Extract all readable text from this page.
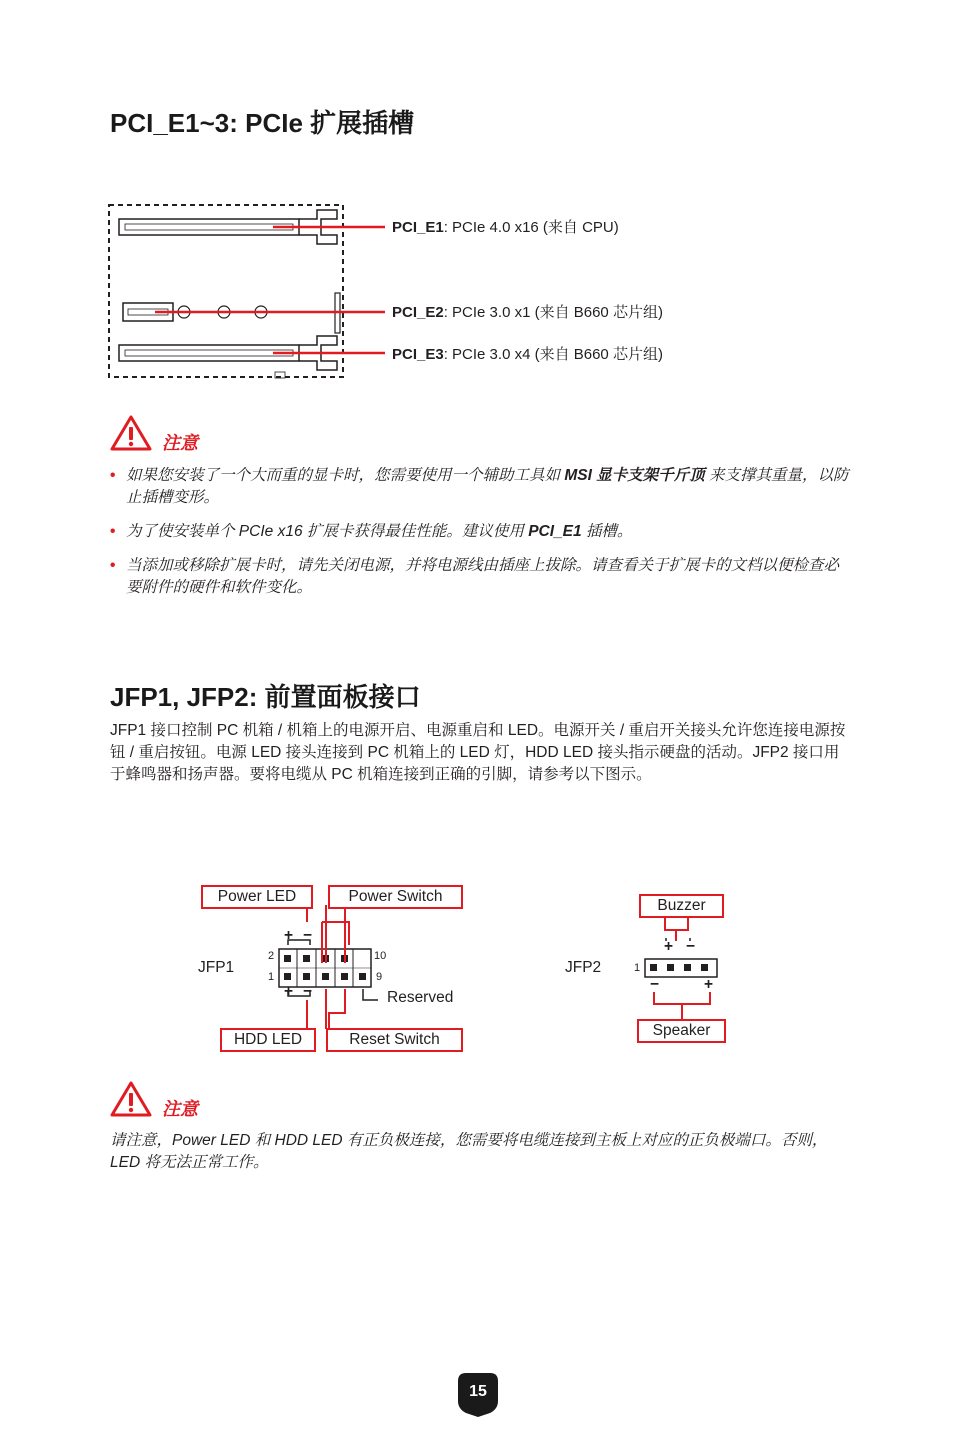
PCI_E1~3: PCIe 扩展插槽
PCI_E1: PCIe 4.0 x16 (来自 CPU)
PCI_E2: PCIe 3.0 x1 (来自 B660 芯片组)
PCI_E3: PCIe 3.0 x4 (来自 B660 芯片组)
注意
• 如果您安装了一个大而重的显卡时，您需要使用一个辅助工具如 MSI 显卡支架千斤顶 来支撑其重量，以防止插槽变形。
• 为了使安装单个 PCIe x16 扩展卡获得最佳性能。建议使用 PCI_E1 插槽。
• 当添加或移除扩展卡时，请先关闭电源，并将电源线由插座上拔除。请查看关于扩展卡的文档以便检查必要附件的硬件和软件变化。
JFP1, JFP2: 前置面板接口
JFP1 接口控制 PC 机箱 / 机箱上的电源开启、电源重启和 LED。电源开关 / 重启开关接头允许您连接电源按钮 / 重启按钮。电源 LED 接头连接到 PC 机箱上的 LED 灯，HDD LED 接头指示硬盘的活动。JFP2 接口用于蜂鸣器和扬声器。要将电缆从 PC 机箱连接到正确的引脚，请参考以下图示。
Power LED	Power Switch
HDD LED	Reset Switch
JFP1
Reserved
2
1
10
9
+ −
+ −
Buzzer
Speaker
JFP2	1
+ −
−	+
注意
请注意，Power LED 和 HDD LED 有正负极连接，您需要将电缆连接到主板上对应的正负极端口。否则，LED 将无法正常工作。
15
